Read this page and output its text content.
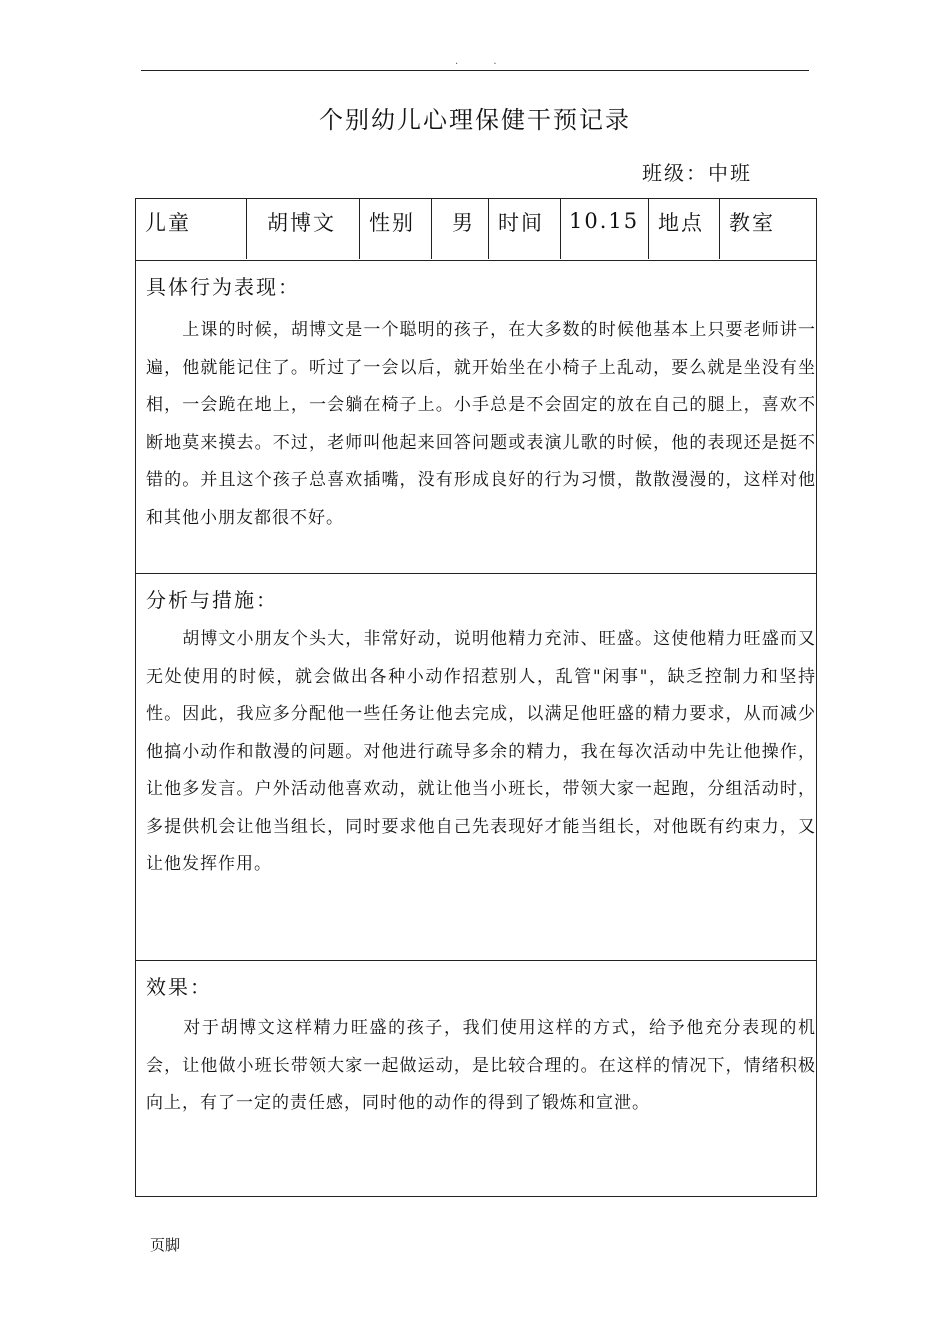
. .
个别幼儿心理保健干预记录
班级：中班
儿童	胡博文	性别	男	时间	10.15 地点	教室
具体行为表现：
　　上课的时候，胡博文是一个聪明的孩子，在大多数的时候他基本上只要老师讲一遍，他就能记住了。听过了一会以后，就开始坐在小椅子上乱动，要么就是坐没有坐相，一会跪在地上，一会躺在椅子上。小手总是不会固定的放在自己的腿上，喜欢不断地莫来摸去。不过，老师叫他起来回答问题或表演儿歌的时候，他的表现还是挺不错的。并且这个孩子总喜欢插嘴，没有形成良好的行为习惯，散散漫漫的，这样对他和其他小朋友都很不好。
分析与措施：
　　胡博文小朋友个头大，非常好动，说明他精力充沛、旺盛。这使他精力旺盛而又无处使用的时候，就会做出各种小动作招惹别人，乱管"闲事"，缺乏控制力和坚持性。因此，我应多分配他一些任务让他去完成，以满足他旺盛的精力要求，从而减少他搞小动作和散漫的问题。对他进行疏导多余的精力，我在每次活动中先让他操作，让他多发言。户外活动他喜欢动，就让他当小班长，带领大家一起跑，分组活动时，多提供机会让他当组长，同时要求他自己先表现好才能当组长，对他既有约束力，又让他发挥作用。
效果：
　　对于胡博文这样精力旺盛的孩子，我们使用这样的方式，给予他充分表现的机会，让他做小班长带领大家一起做运动，是比较合理的。在这样的情况下，情绪积极向上，有了一定的责任感，同时他的动作的得到了锻炼和宣泄。
页脚
